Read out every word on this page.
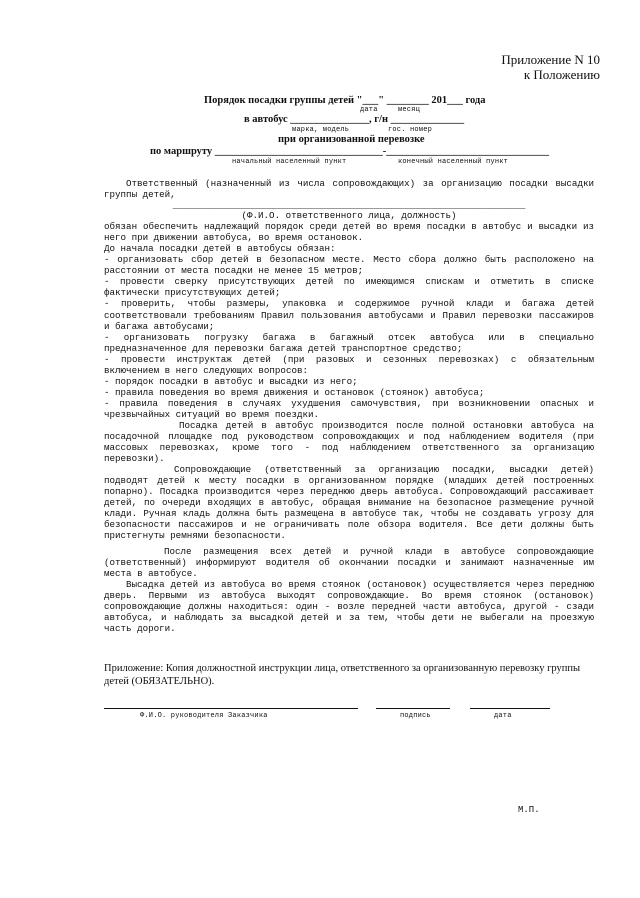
Приложение N 10
к Положению
Порядок посадки группы детей "___" ________ 201___ года
дата	месяц
в автобус _______________, г/н ______________
марка, модель	гос. номер
при организованной перевозке
по маршруту ________________________________-_______________________________
начальный населенный пункт	конечный населенный пункт

Ответственный (назначенный из числа сопровождающих) за организацию посадки высадки группы детей,

________________________________________________________________

(Ф.И.О. ответственного лица, должность)

обязан обеспечить надлежащий порядок среди детей во время посадки в автобус и высадки из него при движении автобуса, во время остановок.

До начала посадки детей в автобусы обязан:

- организовать сбор детей в безопасном месте. Место сбора должно быть расположено на расстоянии от места посадки не менее 15 метров;

- провести сверку присутствующих детей по имеющимся спискам и отметить в списке фактически присутствующих детей;

- проверить, чтобы размеры, упаковка и содержимое ручной клади и багажа детей соответствовали требованиям Правил пользования автобусами и Правил перевозки пассажиров и багажа автобусами;

- организовать погрузку багажа в багажный отсек автобуса или в специально предназначенное для перевозки багажа детей транспортное средство;

- провести инструктаж детей (при разовых и сезонных перевозках) с обязательным включением в него следующих вопросов:

- порядок посадки в автобус и высадки из него;

- правила поведения во время движения и остановок (стоянок) автобуса;

- правила поведения в случаях ухудшения самочувствия, при возникновении опасных и чрезвычайных ситуаций во время поездки.

Посадка детей в автобус производится после полной остановки автобуса на посадочной площадке под руководством сопровождающих и под наблюдением водителя (при массовых перевозках, кроме того - под наблюдением ответственного за организацию перевозки).

Сопровождающие (ответственный за организацию посадки, высадки детей) подводят детей к месту посадки в организованном порядке (младших детей построенных попарно). Посадка производится через переднюю дверь автобуса. Сопровождающий рассаживает детей, по очереди входящих в автобус, обращая внимание на безопасное размещение ручной клади. Ручная кладь должна быть размещена в автобусе так, чтобы не создавать угрозу для безопасности пассажиров и не ограничивать поле обзора водителя. Все дети должны быть пристегнуты ремнями безопасности.

После размещения всех детей и ручной клади в автобусе сопровождающие (ответственный) информируют водителя об окончании посадки и занимают назначенные им места в автобусе.

Высадка детей из автобуса во время стоянок (остановок) осуществляется через переднюю дверь. Первыми из автобуса выходят сопровождающие. Во время стоянок (остановок) сопровождающие должны находиться: один - возле передней части автобуса, другой - сзади автобуса, и наблюдать за высадкой детей и за тем, чтобы дети не выбегали на проезжую часть дороги.

Приложение: Копия должностной инструкции лица, ответственного за организованную перевозку группы детей (ОБЯЗАТЕЛЬНО).
Ф.И.О. руководителя Заказчика	подпись	дата
М.П.
